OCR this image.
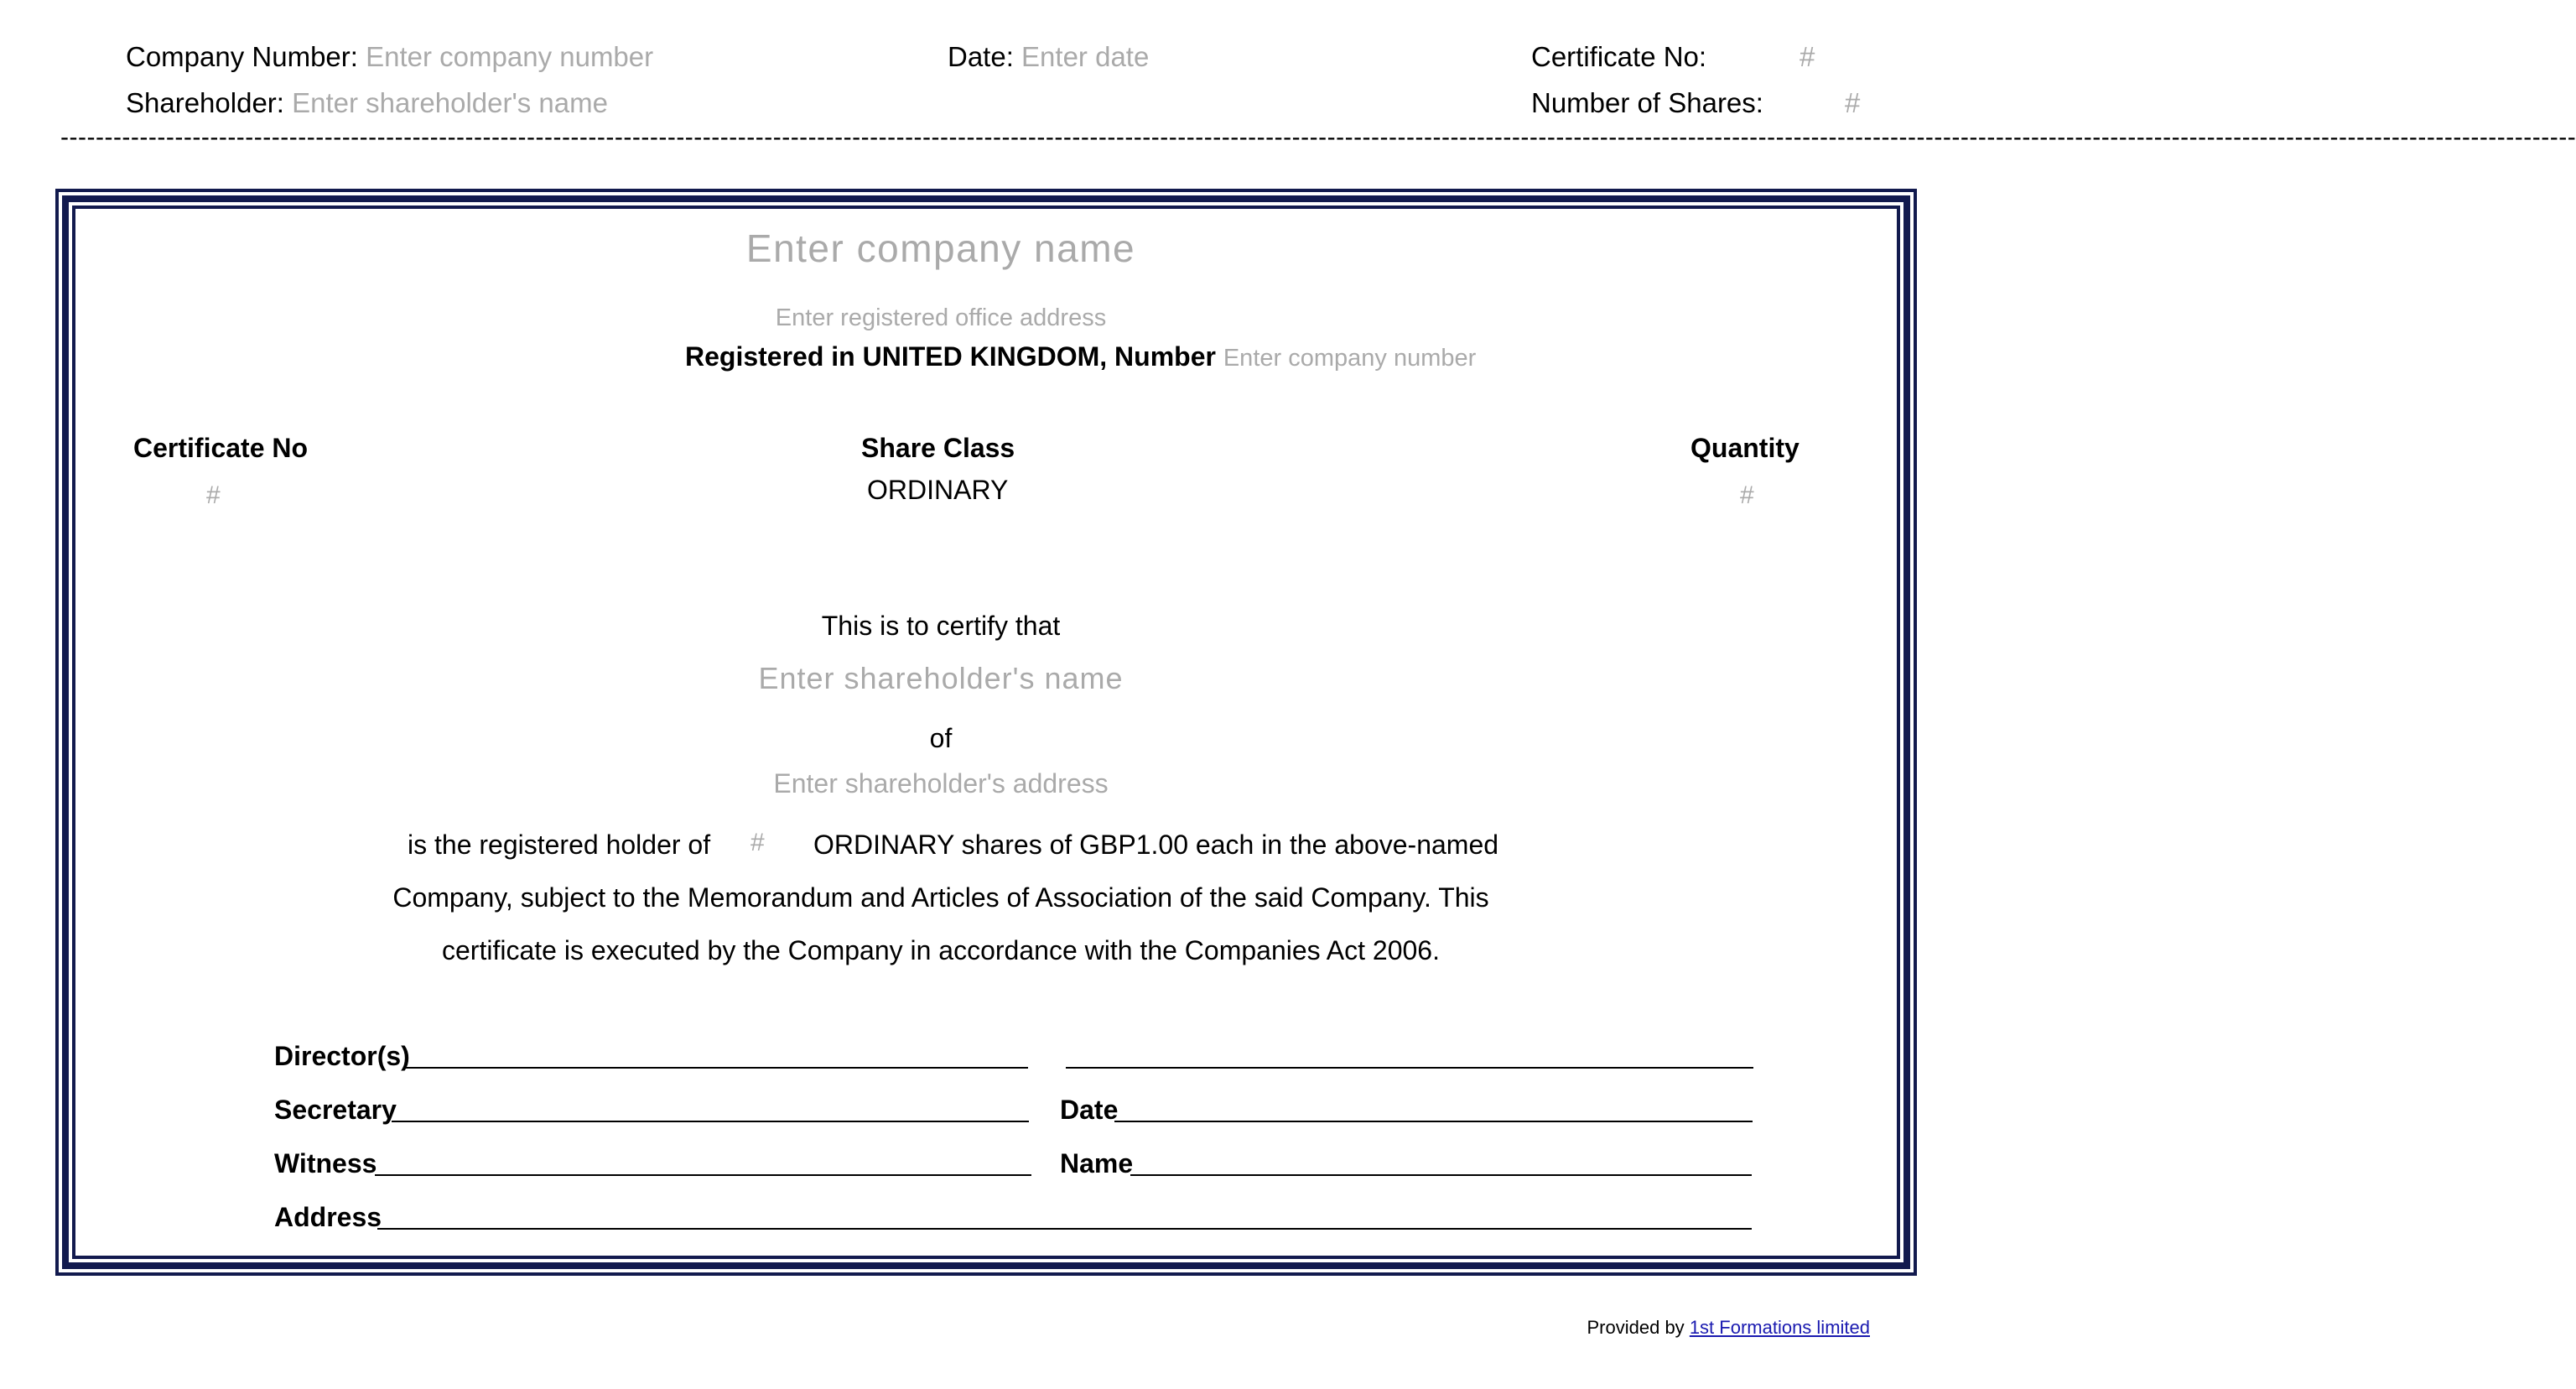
Company Number: Enter company number	Date: Enter date	Certificate No:	#
Shareholder: Enter shareholder's name	Number of Shares:	#
----------------------------------------------------------------------------------------------------------------------------------------------------------------------------------------------------------------------------------------------------------------------------------------------
Enter company name
Enter registered office address
Registered in UNITED KINGDOM, Number Enter company number
Certificate No
#
Share Class
ORDINARY
Quantity
#
This is to certify that
Enter shareholder's name
of
Enter shareholder's address
is the registered holder of # ORDINARY shares of GBP1.00 each in the above-named
Company, subject to the Memorandum and Articles of Association of the said Company. This
certificate is executed by the Company in accordance with the Companies Act 2006.
Director(s)
Secretary	Date
Witness	Name
Address
Provided by 1st Formations limited
